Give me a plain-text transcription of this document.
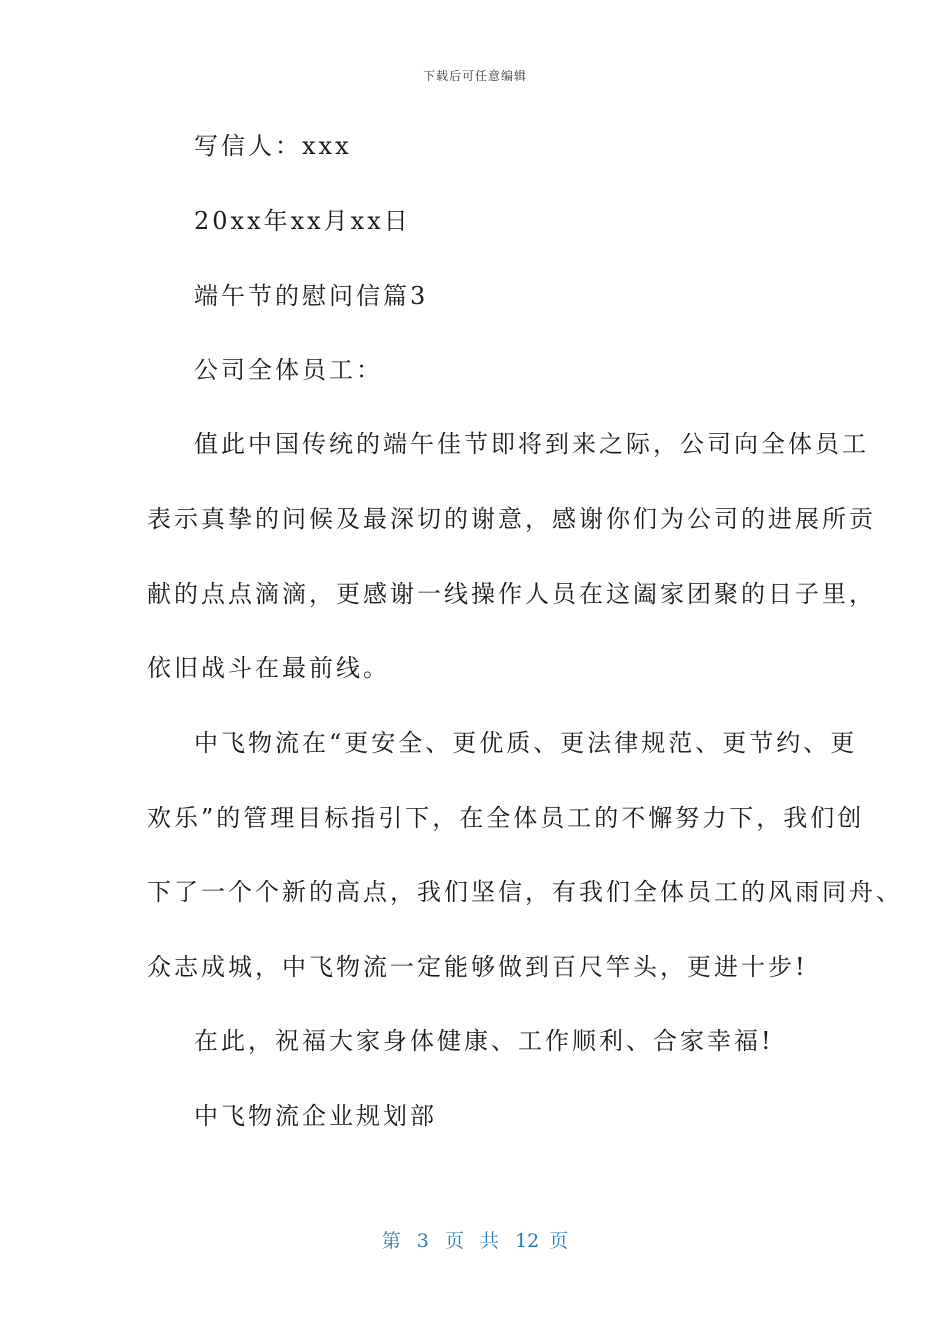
下载后可任意编辑
写信人：xxx
20xx年xx月xx日
端午节的慰问信篇3
公司全体员工：
值此中国传统的端午佳节即将到来之际，公司向全体员工
表示真挚的问候及最深切的谢意，感谢你们为公司的进展所贡
献的点点滴滴，更感谢一线操作人员在这阖家团聚的日子里，
依旧战斗在最前线。
中飞物流在“更安全、更优质、更法律规范、更节约、更
欢乐”的管理目标指引下，在全体员工的不懈努力下，我们创
下了一个个新的高点，我们坚信，有我们全体员工的风雨同舟、
众志成城，中飞物流一定能够做到百尺竿头，更进十步!
在此，祝福大家身体健康、工作顺利、合家幸福!
中飞物流企业规划部
第 3 页 共 12 页
